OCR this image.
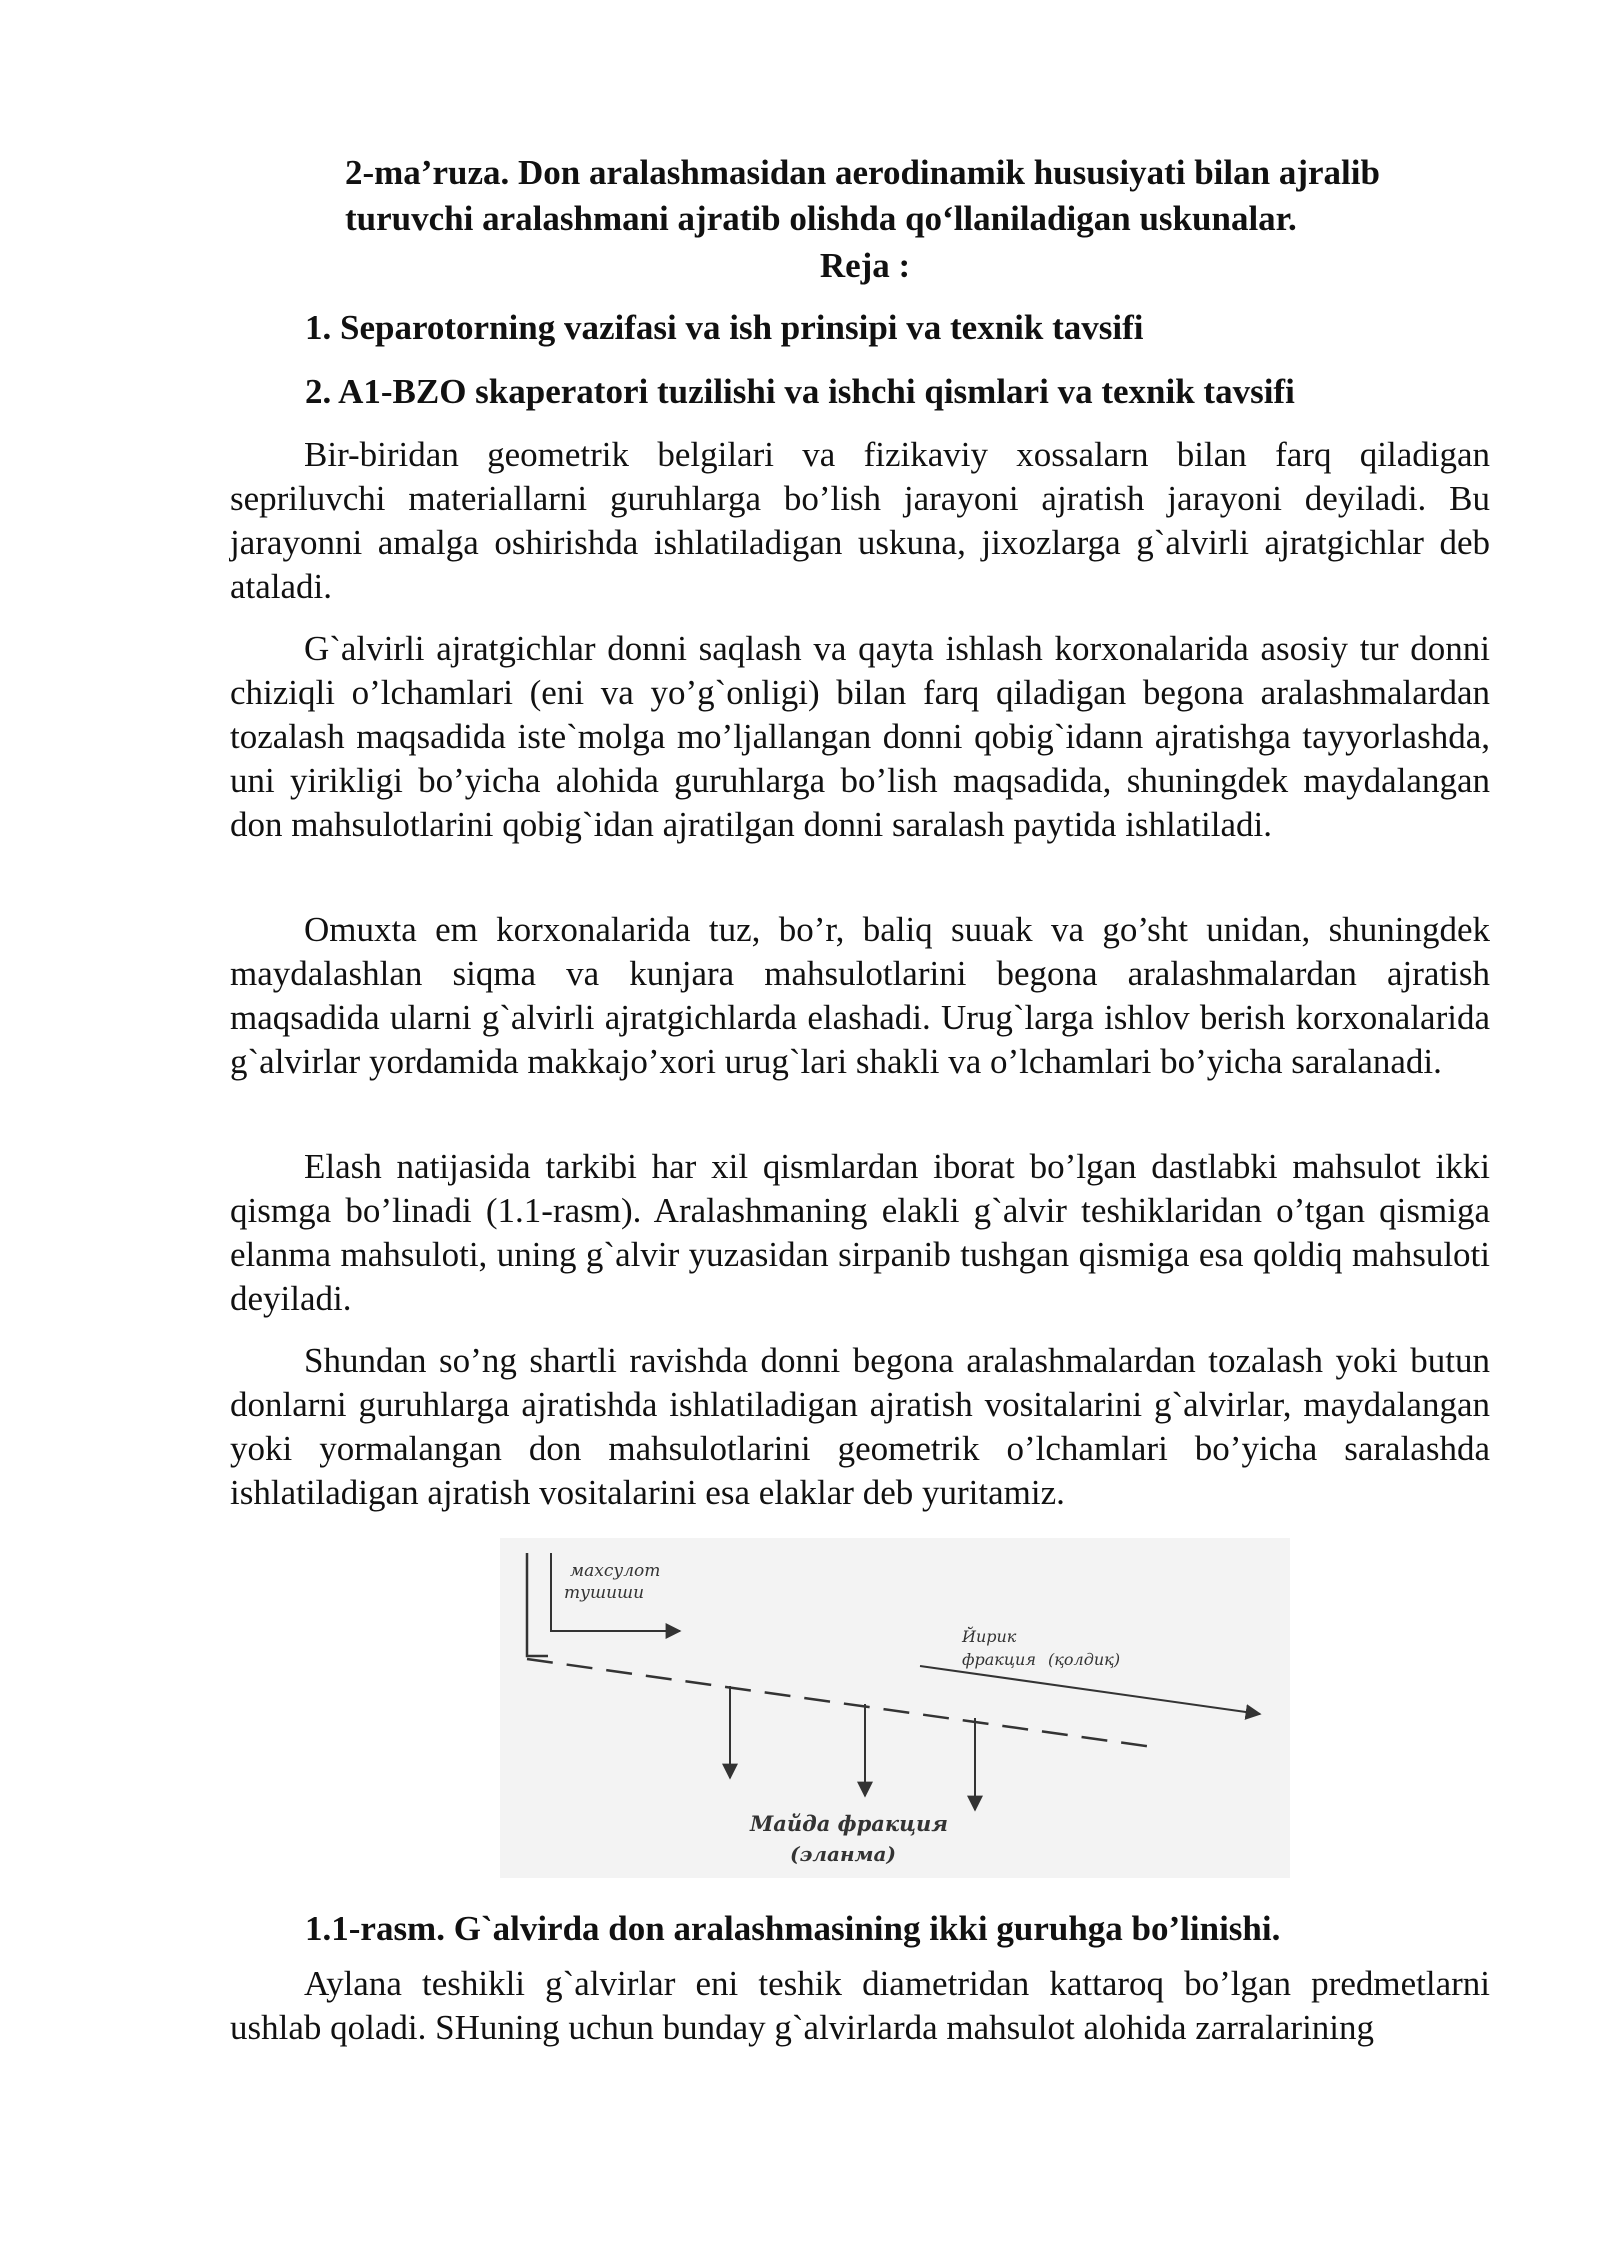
2-ma’ruza. Don aralashmasidan aerodinamik hususiyati bilan ajralib
turuvchi aralashmani ajratib olishda qo‘llaniladigan uskunalar.
Reja :

1. Separotorning vazifasi va ish prinsipi va texnik tavsifi

2. A1-BZO skaperatori tuzilishi va ishchi qismlari va texnik tavsifi

Bir-biridan geometrik belgilari va fizikaviy xossalarn bilan farq qiladigan sepriluvchi materiallarni guruhlarga bo’lish jarayoni ajratish jarayoni deyiladi. Bu jarayonni amalga oshirishda ishlatiladigan uskuna, jixozlarga g`alvirli ajratgichlar deb ataladi.

G`alvirli ajratgichlar donni saqlash va qayta ishlash korxonalarida asosiy tur donni chiziqli o’lchamlari (eni va yo’g`onligi) bilan farq qiladigan begona aralashmalardan tozalash maqsadida iste`molga mo’ljallangan donni qobig`idann ajratishga tayyorlashda, uni yirikligi bo’yicha alohida guruhlarga bo’lish maqsadida, shuningdek maydalangan don mahsulotlarini qobig`idan ajratilgan donni saralash paytida ishlatiladi.

Omuxta em korxonalarida tuz, bo’r, baliq suuak va go’sht unidan, shuningdek maydalashlan siqma va kunjara mahsulotlarini begona aralashmalardan ajratish maqsadida ularni g`alvirli ajratgichlarda elashadi. Urug`larga ishlov berish korxonalarida g`alvirlar yordamida makkajo’xori urug`lari shakli va o’lchamlari bo’yicha saralanadi.

Elash natijasida tarkibi har xil qismlardan iborat bo’lgan dastlabki mahsulot ikki qismga bo’linadi (1.1-rasm). Aralashmaning elakli g`alvir teshiklaridan o’tgan qismiga elanma mahsuloti, uning g`alvir yuzasidan sirpanib tushgan qismiga esa qoldiq mahsuloti deyiladi.

Shundan so’ng shartli ravishda donni begona aralashmalardan tozalash yoki butun donlarni guruhlarga ajratishda ishlatiladigan ajratish vositalarini g`alvirlar, maydalangan yoki yormalangan don mahsulotlarini geometrik o’lchamlari bo’yicha saralashda ishlatiladigan ajratish vositalarini esa elaklar deb yuritamiz.

махсулот
тушиши
Йирик
фракция (қолдиқ)
Майда фракция
(эланма)

1.1-rasm. G`alvirda don aralashmasining ikki guruhga bo’linishi.

Aylana teshikli g`alvirlar eni teshik diametridan kattaroq bo’lgan predmetlarni ushlab qoladi. SHuning uchun bunday g`alvirlarda mahsulot alohida zarralarining
